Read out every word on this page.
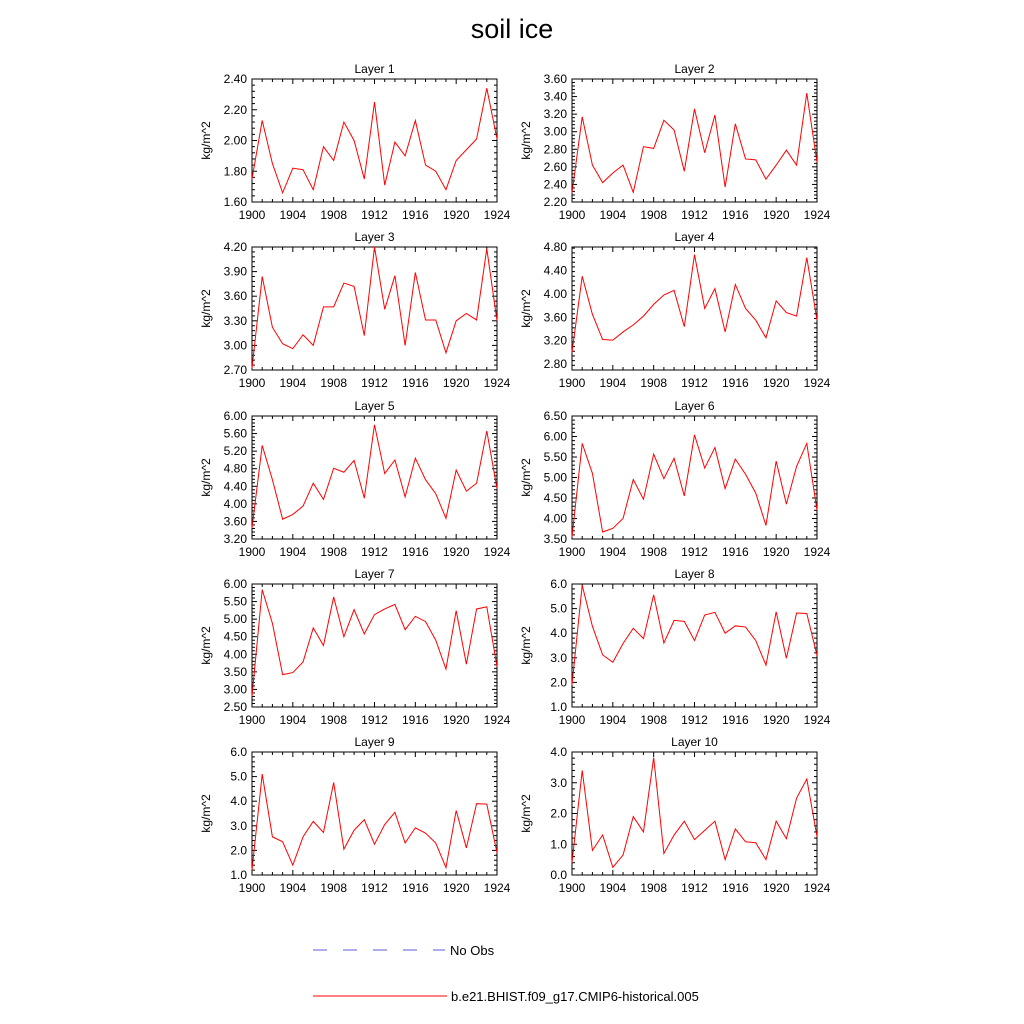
soil ice
Layer 1
1900 1904 1908 1912 1916 1920 1924
1.60
1.80
2.00
2.20
2.40
kg/m^2
Layer 2
1900 1904 1908 1912 1916 1920 1924
2.20
2.40
2.60
2.80
3.00
3.20
3.40
3.60
kg/m^2
Layer 3
1900 1904 1908 1912 1916 1920 1924
2.70
3.00
3.30
3.60
3.90
4.20
kg/m^2
Layer 4
1900 1904 1908 1912 1916 1920 1924
2.80
3.20
3.60
4.00
4.40
4.80
kg/m^2
Layer 5
1900 1904 1908 1912 1916 1920 1924
3.20
3.60
4.00
4.40
4.80
5.20
5.60
6.00
kg/m^2
Layer 6
1900 1904 1908 1912 1916 1920 1924
3.50
4.00
4.50
5.00
5.50
6.00
6.50
kg/m^2
Layer 7
1900 1904 1908 1912 1916 1920 1924
2.50
3.00
3.50
4.00
4.50
5.00
5.50
6.00
kg/m^2
Layer 8
1900 1904 1908 1912 1916 1920 1924
1.0
2.0
3.0
4.0
5.0
6.0
kg/m^2
Layer 9
1900 1904 1908 1912 1916 1920 1924
1.0
2.0
3.0
4.0
5.0
6.0
kg/m^2
Layer 10
1900 1904 1908 1912 1916 1920 1924
0.0
1.0
2.0
3.0
4.0
kg/m^2
No Obs
b.e21.BHIST.f09_g17.CMIP6-historical.005
